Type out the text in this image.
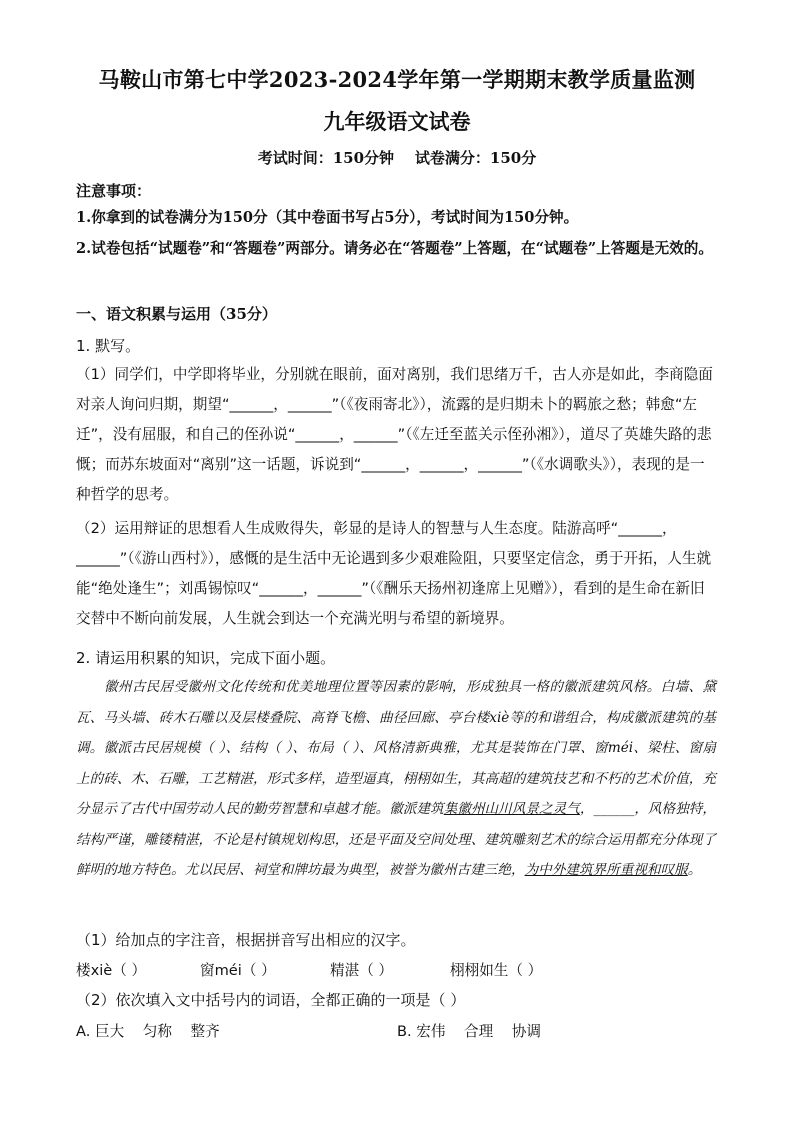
马鞍山市第七中学2023-2024学年第一学期期末教学质量监测
九年级语文试卷
考试时间：150分钟    试卷满分：150分
注意事项：
1.你拿到的试卷满分为150分（其中卷面书写占5分），考试时间为150分钟。
2.试卷包括“试题卷”和“答题卷”两部分。请务必在“答题卷”上答题，在“试题卷”上答题是无效的。
一、语文积累与运用（35分）
1. 默写。
（1）同学们，中学即将毕业，分别就在眼前，面对离别，我们思绪万千，古人亦是如此，李商隐面对亲人询问归期，期望“______，______”（《夜雨寄北》），流露的是归期未卜的羁旅之愁；韩愈“左迁”，没有屈服，和自己的侄孙说“______，______”（《左迁至蓝关示侄孙湘》），道尽了英雄失路的悲慨；而苏东坡面对“离别”这一话题，诉说到“______，______，______”（《水调歌头》），表现的是一种哲学的思考。
（2）运用辩证的思想看人生成败得失，彰显的是诗人的智慧与人生态度。陆游高呼“______，______”（《游山西村》），感慨的是生活中无论遇到多少艰难险阻，只要坚定信念，勇于开拓，人生就能“绝处逢生”；刘禹锡惊叹“______，______”（《酬乐天扬州初逢席上见赠》），看到的是生命在新旧交替中不断向前发展，人生就会到达一个充满光明与希望的新境界。
2. 请运用积累的知识，完成下面小题。
徽州古民居受徽州文化传统和优美地理位置等因素的影响，形成独具一格的徽派建筑风格。白墙、黛瓦、马头墙、砖木石雕以及层楼叠院、高脊飞檐、曲径回廊、亭台楼xiè等的和谐组合，构成徽派建筑的基调。徽派古民居规模（ ）、结构（ ）、布局（ ）、风格清新典雅，尤其是装饰在门罩、窗méi、梁柱、窗扇上的砖、木、石雕，工艺精湛，形式多样，造型逼真，栩栩如生，其高超的建筑技艺和不朽的艺术价值，充分显示了古代中国劳动人民的勤劳智慧和卓越才能。徽派建筑集徽州山川风景之灵气，______，风格独特，结构严谨，雕镂精湛，不论是村镇规划构思，还是平面及空间处理、建筑雕刻艺术的综合运用都充分体现了鲜明的地方特色。尤以民居、祠堂和牌坊最为典型，被誉为徽州古建三绝，为中外建筑界所重视和叹服。
（1）给加点的字注音，根据拼音写出相应的汉字。
楼xiè（ ）	窗méi（ ）	精湛（ ）	栩栩如生（ ）
（2）依次填入文中括号内的词语，全都正确的一项是（ ）
A. 巨大    匀称    整齐	B. 宏伟    合理    协调
